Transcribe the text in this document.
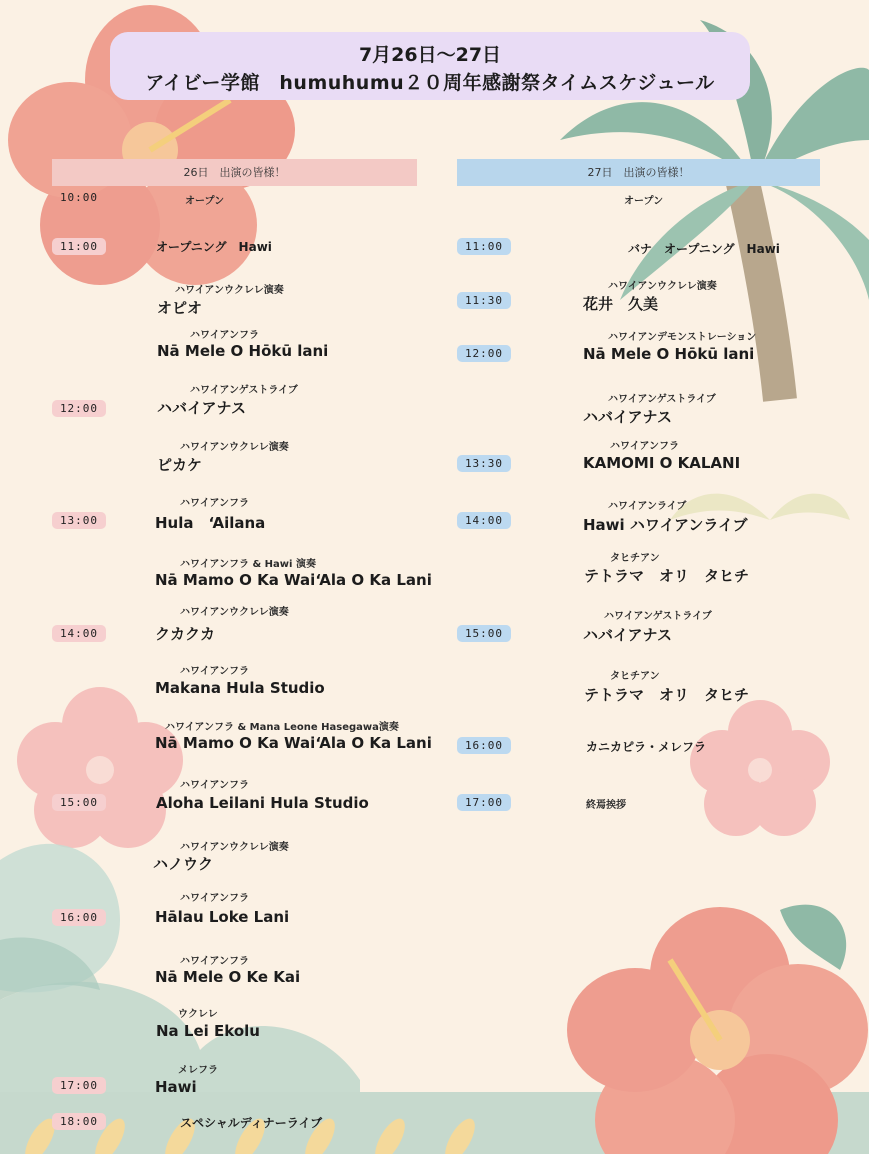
7月26日～27日
アイビー学館　humuhumu２０周年感謝祭タイムスケジュール
26日　出演の皆様！	27日　出演の皆様！
10:00
11:00
12:00
13:00
14:00
15:00
16:00
17:00
18:00
オープン
オープニング　Hawi
ハワイアンウクレレ演奏
オピオ
ハワイアンフラ
Nā Mele O Hōkū lani
ハワイアンゲストライブ
ハバイアナス
ハワイアンウクレレ演奏
ピカケ
ハワイアンフラ
Hula　‘Ailana
ハワイアンフラ & Hawi 演奏
Nā Mamo O Ka Wai‘Ala O Ka Lani
ハワイアンウクレレ演奏
クカクカ
ハワイアンフラ
Makana Hula Studio
ハワイアンフラ & Mana Leone Hasegawa演奏
Nā Mamo O Ka Wai‘Ala O Ka Lani
ハワイアンフラ
Aloha Leilani Hula Studio
ハワイアンウクレレ演奏
ハノウク
ハワイアンフラ
Hālau Loke Lani
ハワイアンフラ
Nā Mele O Ke Kai
ウクレレ
Na Lei Ekolu
メレフラ
Hawi
スペシャルディナーライブ
11:00
11:30
12:00
13:30
14:00
15:00
16:00
17:00
オープン
バナ　オープニング　Hawi
ハワイアンウクレレ演奏
花井　久美
ハワイアンデモンストレーション
Nā Mele O Hōkū lani
ハワイアンゲストライブ
ハバイアナス
ハワイアンフラ
KAMOMI O KALANI
ハワイアンライブ
Hawi ハワイアンライブ
タヒチアン
テトラマ　オリ　タヒチ
ハワイアンゲストライブ
ハバイアナス
タヒチアン
テトラマ　オリ　タヒチ
カニカピラ・メレフラ
終焉挨拶
